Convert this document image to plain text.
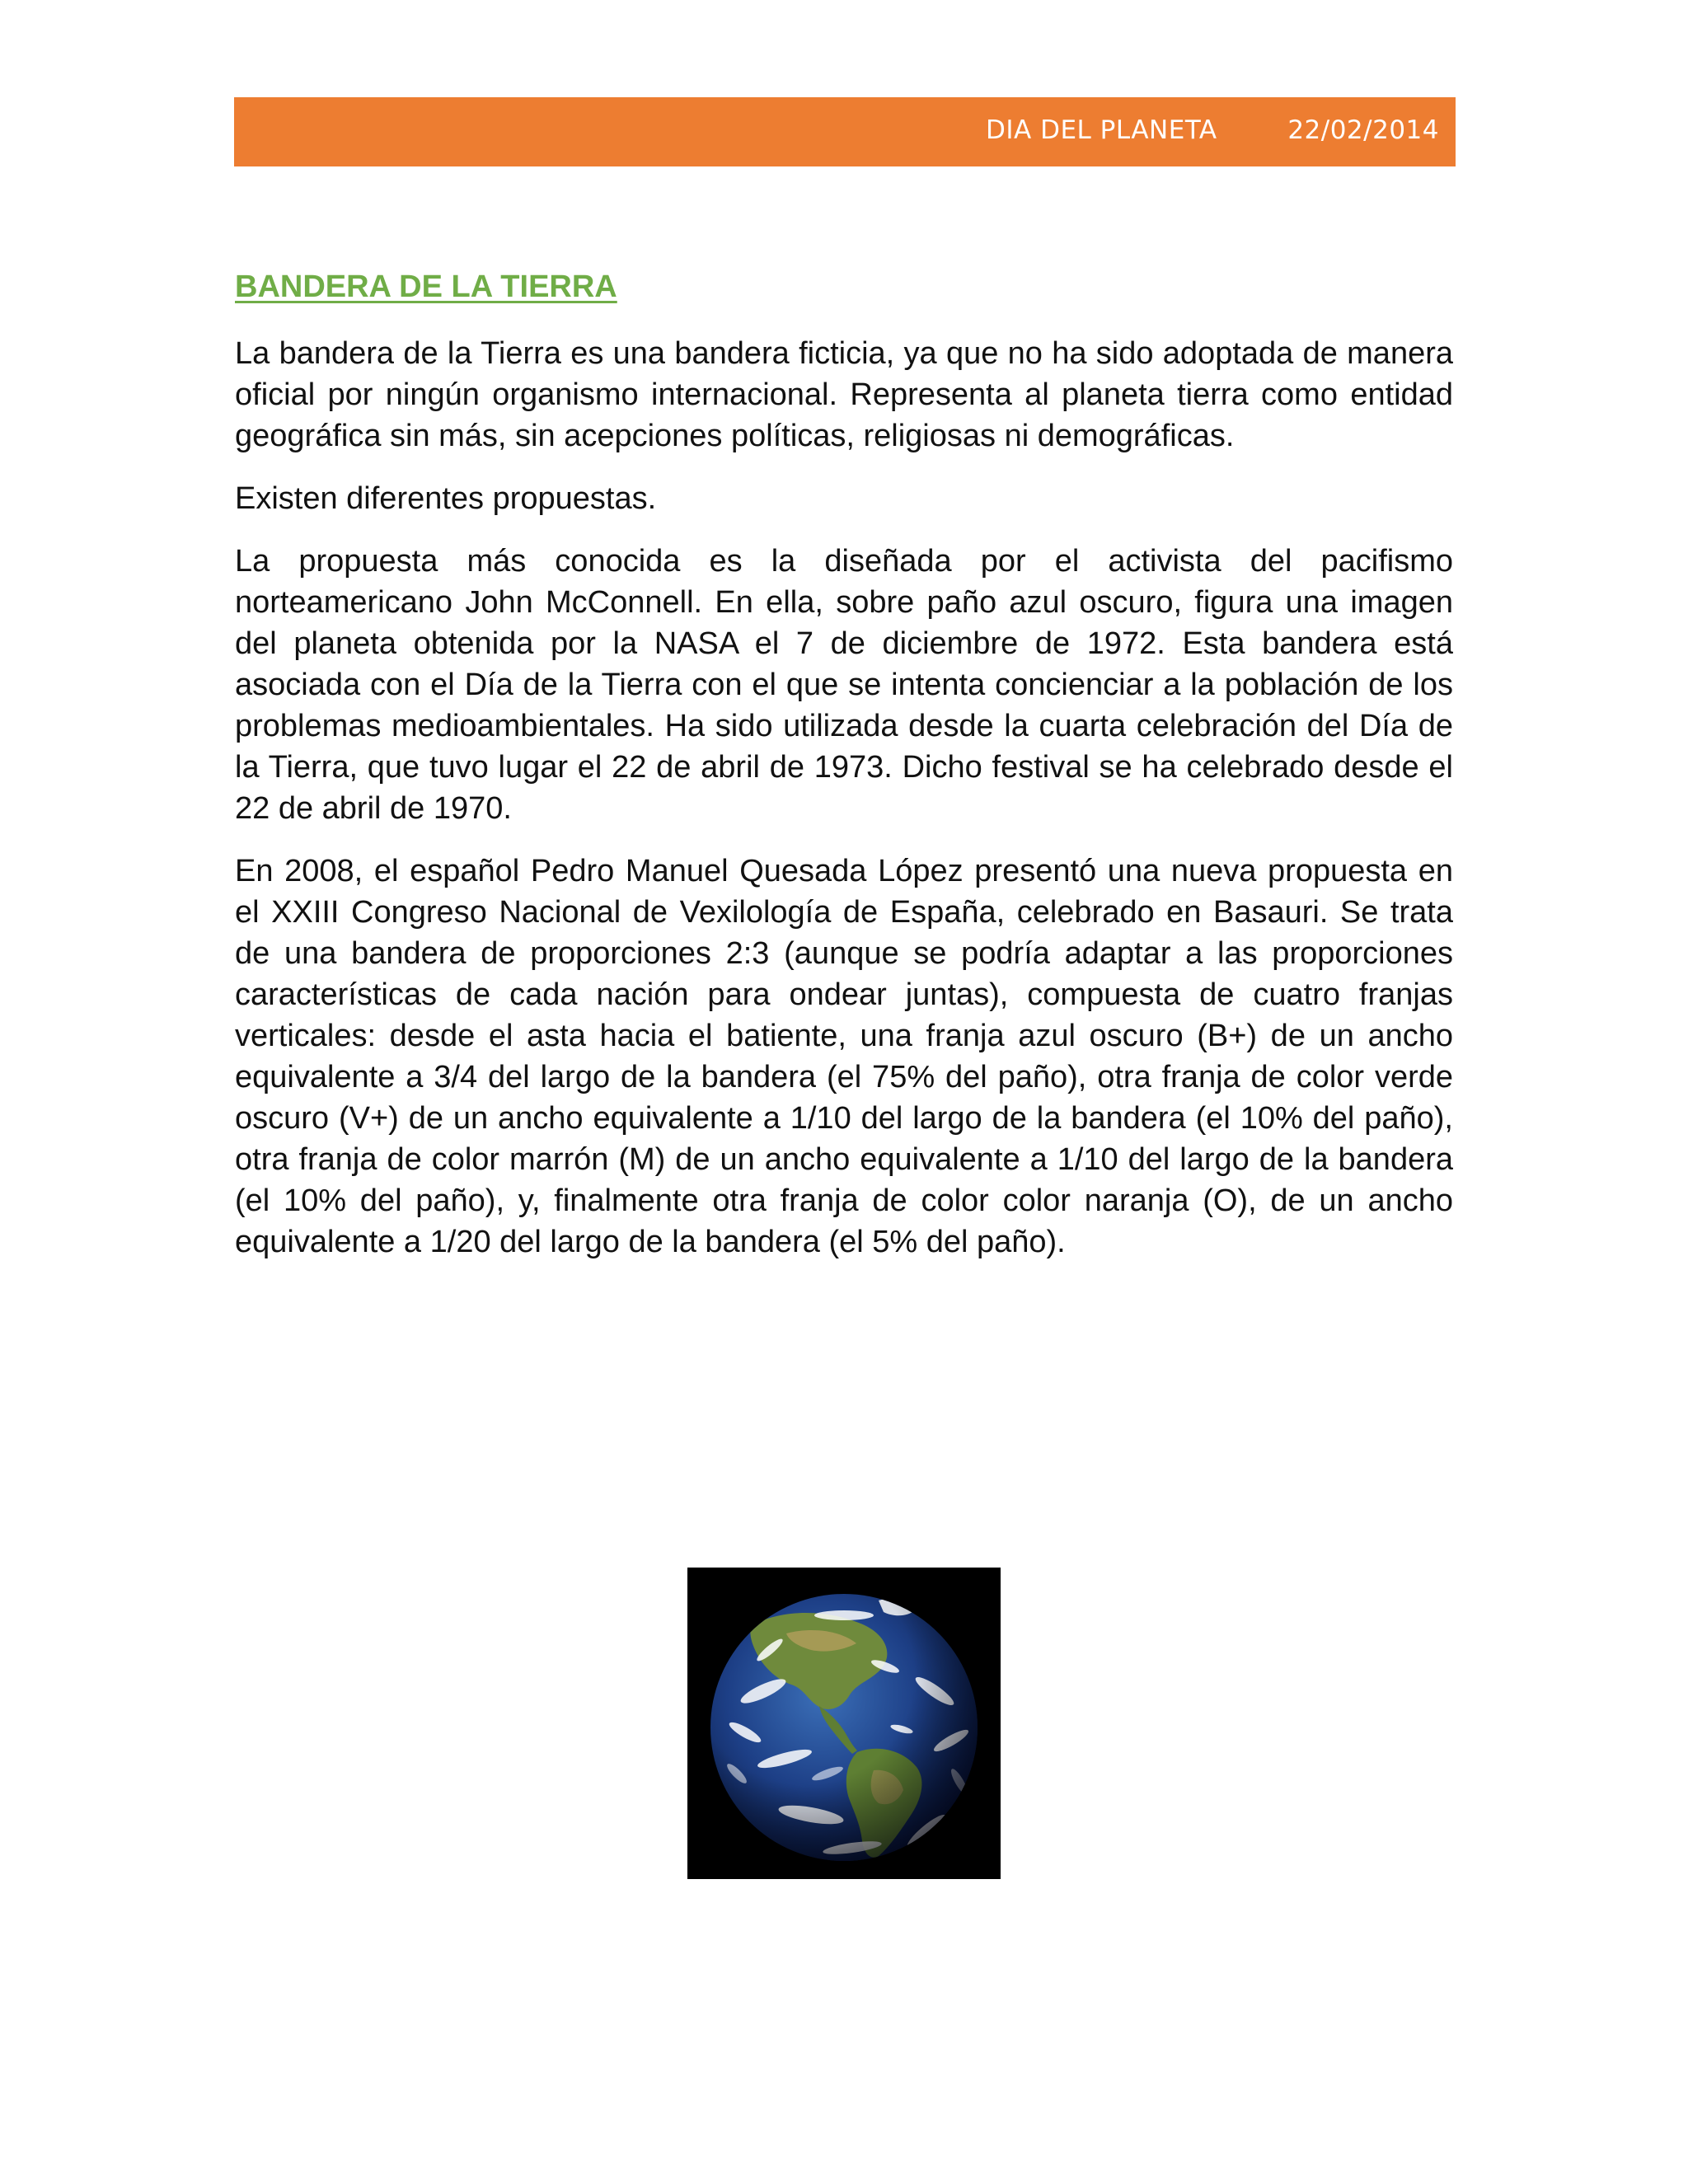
DIA DEL PLANETA	22/02/2014
BANDERA DE LA TIERRA

La bandera de la Tierra es una bandera ficticia, ya que no ha sido adoptada de manera oficial por ningún organismo internacional. Representa al planeta tierra como entidad geográfica sin más, sin acepciones políticas, religiosas ni demográficas.

Existen diferentes propuestas.

La propuesta más conocida es la diseñada por el activista del pacifismo norteamericano John McConnell. En ella, sobre paño azul oscuro, figura una imagen del planeta obtenida por la NASA el 7 de diciembre de 1972. Esta bandera está asociada con el Día de la Tierra con el que se intenta concienciar a la población de los problemas medioambientales. Ha sido utilizada desde la cuarta celebración del Día de la Tierra, que tuvo lugar el 22 de abril de 1973. Dicho festival se ha celebrado desde el 22 de abril de 1970.

En 2008, el español Pedro Manuel Quesada López presentó una nueva propuesta en el XXIII Congreso Nacional de Vexilología de España, celebrado en Basauri. Se trata de una bandera de proporciones 2:3 (aunque se podría adaptar a las proporciones características de cada nación para ondear juntas), compuesta de cuatro franjas verticales: desde el asta hacia el batiente, una franja azul oscuro (B+) de un ancho equivalente a 3/4 del largo de la bandera (el 75% del paño), otra franja de color verde oscuro (V+) de un ancho equivalente a 1/10 del largo de la bandera (el 10% del paño), otra franja de color marrón (M) de un ancho equivalente a 1/10 del largo de la bandera (el 10% del paño), y, finalmente otra franja de color color naranja (O), de un ancho equivalente a 1/20 del largo de la bandera (el 5% del paño).
